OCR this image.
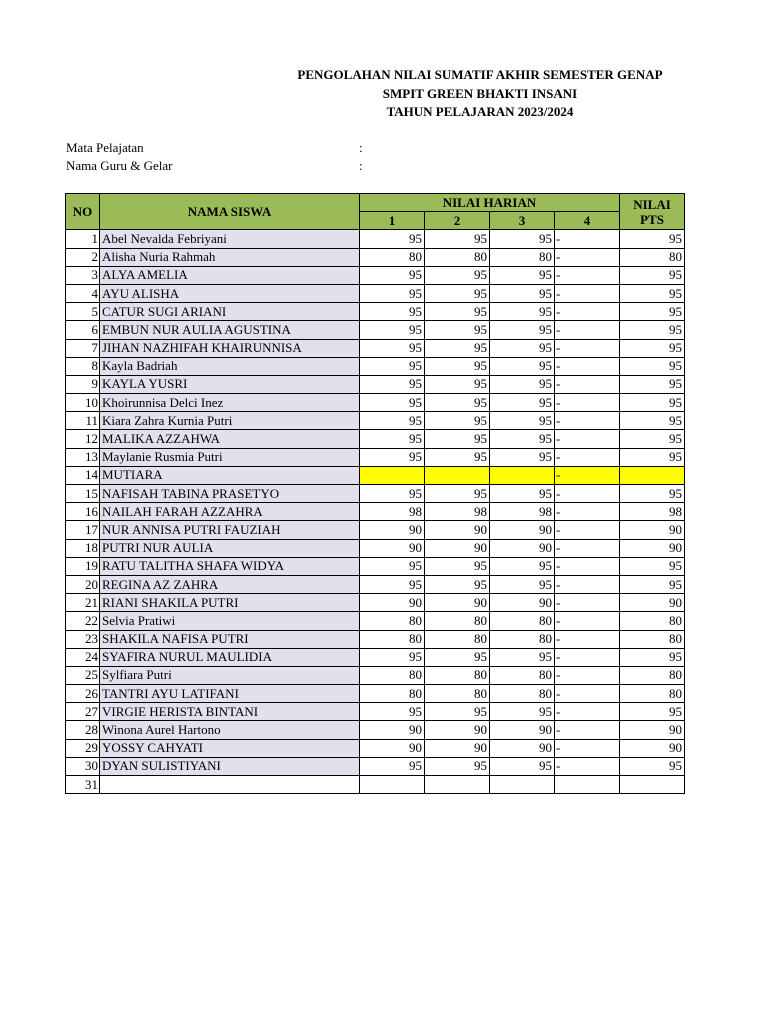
PENGOLAHAN NILAI SUMATIF AKHIR SEMESTER GENAP
SMPIT GREEN BHAKTI INSANI
TAHUN PELAJARAN 2023/2024
Mata Pelajatan	:
Nama Guru & Gelar	:
NO	NAMA SISWA	NILAI HARIAN				NILAI PTS
		1	2	3	4	
1	Abel Nevalda Febriyani	95	95	95	-	95
2	Alisha Nuria Rahmah	80	80	80	-	80
3	ALYA AMELIA	95	95	95	-	95
4	AYU ALISHA	95	95	95	-	95
5	CATUR SUGI ARIANI	95	95	95	-	95
6	EMBUN NUR AULIA AGUSTINA	95	95	95	-	95
7	JIHAN NAZHIFAH KHAIRUNNISA	95	95	95	-	95
8	Kayla Badriah	95	95	95	-	95
9	KAYLA YUSRI	95	95	95	-	95
10	Khoirunnisa Delci Inez	95	95	95	-	95
11	Kiara Zahra Kurnia Putri	95	95	95	-	95
12	MALIKA AZZAHWA	95	95	95	-	95
13	Maylanie Rusmia Putri	95	95	95	-	95
14	MUTIARA				-	
15	NAFISAH TABINA PRASETYO	95	95	95	-	95
16	NAILAH FARAH AZZAHRA	98	98	98	-	98
17	NUR ANNISA PUTRI FAUZIAH	90	90	90	-	90
18	PUTRI NUR AULIA	90	90	90	-	90
19	RATU TALITHA SHAFA WIDYA	95	95	95	-	95
20	REGINA AZ ZAHRA	95	95	95	-	95
21	RIANI SHAKILA PUTRI	90	90	90	-	90
22	Selvia Pratiwi	80	80	80	-	80
23	SHAKILA NAFISA PUTRI	80	80	80	-	80
24	SYAFIRA NURUL MAULIDIA	95	95	95	-	95
25	Sylfiara Putri	80	80	80	-	80
26	TANTRI AYU LATIFANI	80	80	80	-	80
27	VIRGIE HERISTA BINTANI	95	95	95	-	95
28	Winona Aurel Hartono	90	90	90	-	90
29	YOSSY CAHYATI	90	90	90	-	90
30	DYAN SULISTIYANI	95	95	95	-	95
31						
